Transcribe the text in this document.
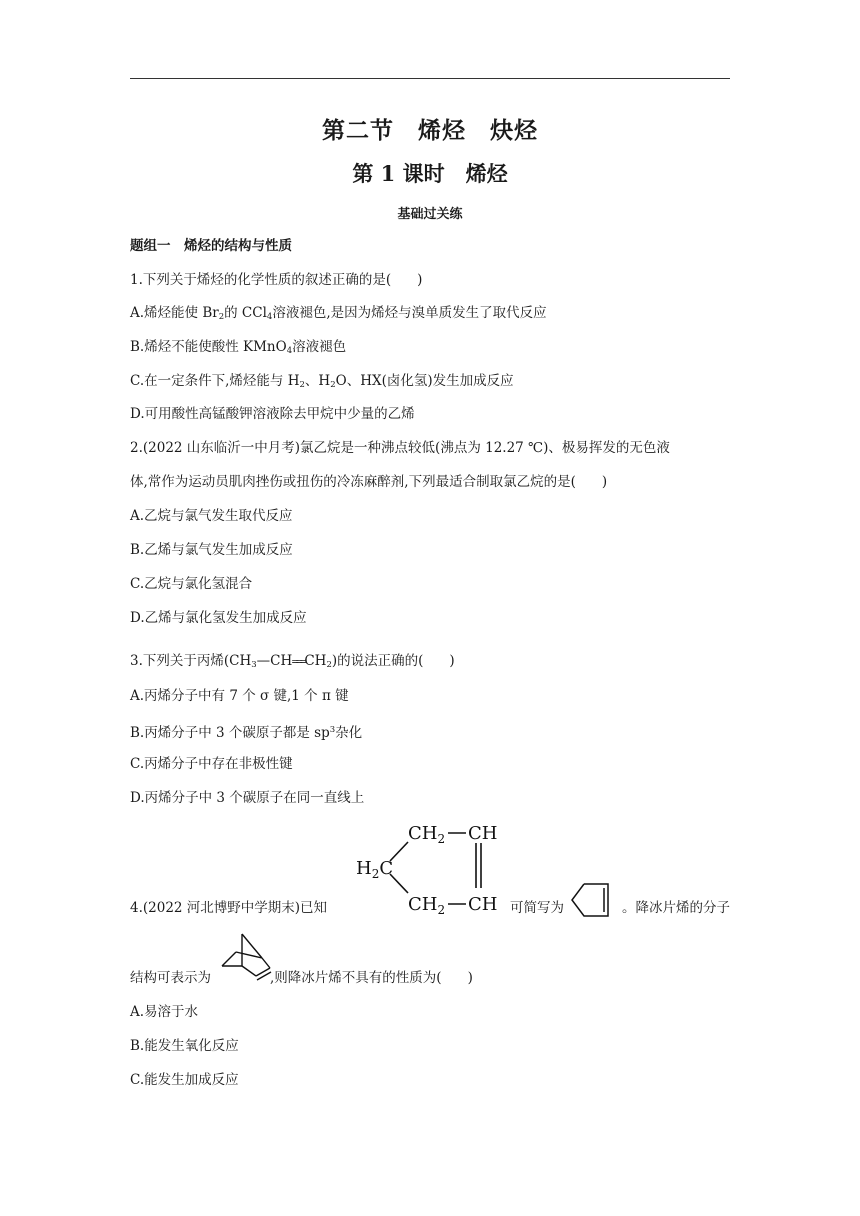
第二节　烯烃　炔烃
第 1 课时　烯烃
基础过关练
题组一　烯烃的结构与性质
1.下列关于烯烃的化学性质的叙述正确的是( )
A.烯烃能使 $Br_2$的 CCl$_4$溶液褪色,是因为烯烃与溴单质发生了取代反应
B.烯烃不能使酸性 KMnO$_4$溶液褪色
C.在一定条件下,烯烃能与 $H_2$、$H_2O$、HX(卤化氢)发生加成反应
D.可用酸性高锰酸钾溶液除去甲烷中少量的乙烯
2.(2022 山东临沂一中月考)氯乙烷是一种沸点较低(沸点为 12.27 ℃)、极易挥发的无色液
体,常作为运动员肌肉挫伤或扭伤的冷冻麻醉剂,下列最适合制取氯乙烷的是( )
A.乙烷与氯气发生取代反应
B.乙烯与氯气发生加成反应
C.乙烷与氯化氢混合
D.乙烯与氯化氢发生加成反应
3.下列关于丙烯$(CH_3—CH═══CH_2)$的说法正确的( )
A.丙烯分子中有 7 个 σ 键,1 个 π 键
B.丙烯分子中 3 个碳原子都是 $sp^3$杂化
C.丙烯分子中存在非极性键
D.丙烯分子中 3 个碳原子在同一直线上
$CH_2$ CH
$H_2C$
$CH_2$ CH
4.(2022 河北博野中学期末)已知	可简写为	。降冰片烯的分子
结构可表示为	,则降冰片烯不具有的性质为( )
A.易溶于水
B.能发生氧化反应
C.能发生加成反应
